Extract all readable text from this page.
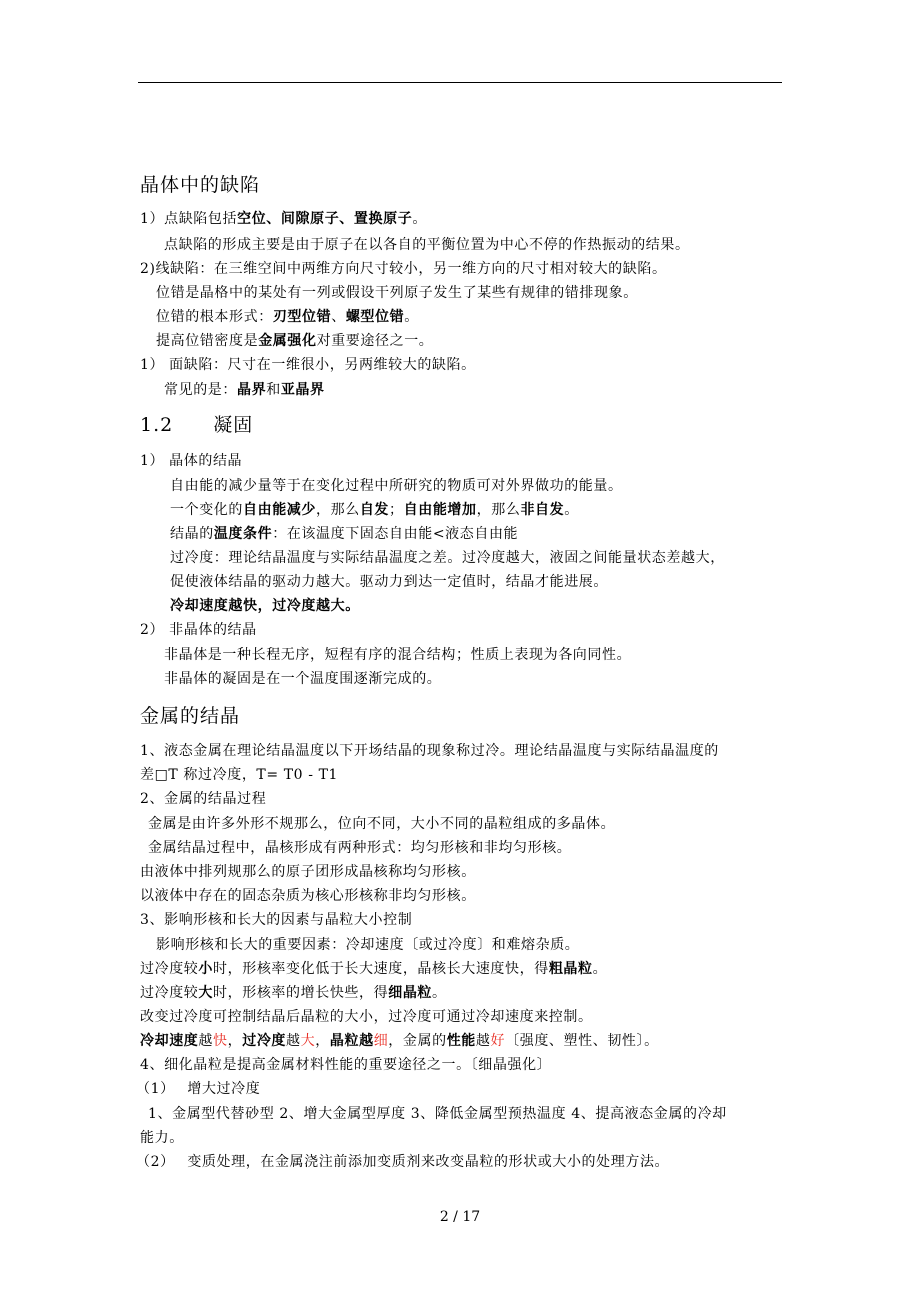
晶体中的缺陷
1）点缺陷包括空位、间隙原子、置换原子。
点缺陷的形成主要是由于原子在以各自的平衡位置为中心不停的作热振动的结果。
2)线缺陷：在三维空间中两维方向尺寸较小，另一维方向的尺寸相对较大的缺陷。
位错是晶格中的某处有一列或假设干列原子发生了某些有规律的错排现象。
位错的根本形式：刃型位错、螺型位错。
提高位错密度是金属强化对重要途径之一。
1） 面缺陷：尺寸在一维很小，另两维较大的缺陷。
常见的是：晶界和亚晶界
1.2　　凝固
1） 晶体的结晶
自由能的减少量等于在变化过程中所研究的物质可对外界做功的能量。
一个变化的自由能减少，那么自发；自由能增加，那么非自发。
结晶的温度条件：在该温度下固态自由能<液态自由能
过冷度：理论结晶温度与实际结晶温度之差。过冷度越大，液固之间能量状态差越大，
促使液体结晶的驱动力越大。驱动力到达一定值时，结晶才能进展。
冷却速度越快，过冷度越大。
2） 非晶体的结晶
非晶体是一种长程无序，短程有序的混合结构；性质上表现为各向同性。
非晶体的凝固是在一个温度围逐渐完成的。
金属的结晶
1、液态金属在理论结晶温度以下开场结晶的现象称过冷。理论结晶温度与实际结晶温度的
差□T 称过冷度，T= T0 - T1
2、金属的结晶过程
金属是由许多外形不规那么，位向不同，大小不同的晶粒组成的多晶体。
金属结晶过程中，晶核形成有两种形式：均匀形核和非均匀形核。
由液体中排列规那么的原子团形成晶核称均匀形核。
以液体中存在的固态杂质为核心形核称非均匀形核。
3、影响形核和长大的因素与晶粒大小控制
影响形核和长大的重要因素：冷却速度〔或过冷度〕和难熔杂质。
过冷度较小时，形核率变化低于长大速度，晶核长大速度快，得粗晶粒。
过冷度较大时，形核率的增长快些，得细晶粒。
改变过冷度可控制结晶后晶粒的大小，过冷度可通过冷却速度来控制。
冷却速度越快，过冷度越大，晶粒越细，金属的性能越好〔强度、塑性、韧性〕。
4、细化晶粒是提高金属材料性能的重要途径之一。〔细晶强化〕
（1）　 增大过冷度
1、金属型代替砂型 2、增大金属型厚度 3、降低金属型预热温度 4、提高液态金属的冷却
能力。
（2）　 变质处理，在金属浇注前添加变质剂来改变晶粒的形状或大小的处理方法。
2 / 17
